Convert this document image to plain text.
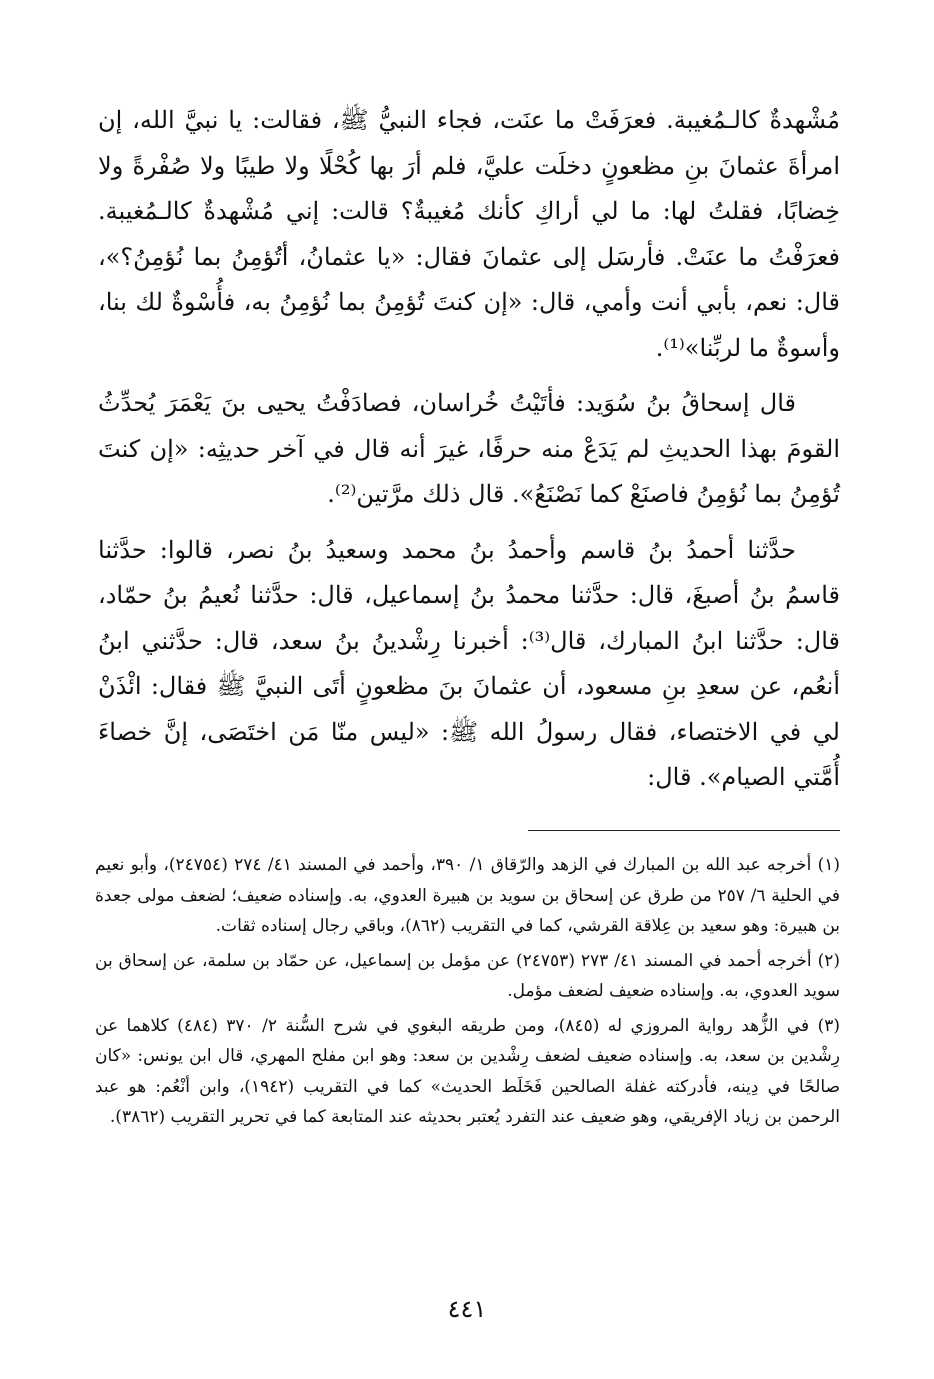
مُشْهدةٌ كالـمُغيبة. فعرَفَتْ ما عنَت، فجاء النبيُّ ﷺ، فقالت: يا نبيَّ الله، إن امرأةَ عثمانَ بنِ مظعونٍ دخلَت عليَّ، فلم أرَ بها كُحْلًا ولا طيبًا ولا صُفْرةً ولا خِضابًا، فقلتُ لها: ما لي أراكِ كأنك مُغيبةٌ؟ قالت: إني مُشْهدةٌ كالـمُغيبة. فعرَفْتُ ما عنَتْ. فأرسَل إلى عثمانَ فقال: «يا عثمانُ، أتُؤمِنُ بما نُؤمِنُ؟»، قال: نعم، بأبي أنت وأمي، قال: «إن كنتَ تُؤمِنُ بما نُؤمِنُ به، فأُسْوةٌ لك بنا، وأسوةٌ ما لربِّنا»⁽¹⁾.

قال إسحاقُ بنُ سُوَيد: فأتَيْتُ خُراسان، فصادَفْتُ يحيى بنَ يَعْمَرَ يُحدِّثُ القومَ بهذا الحديثِ لم يَدَعْ منه حرفًا، غيرَ أنه قال في آخر حديثِه: «إن كنتَ تُؤمِنُ بما نُؤمِنُ فاصنَعْ كما نَصْنَعُ». قال ذلك مرَّتين⁽²⁾.

حدَّثنا أحمدُ بنُ قاسم وأحمدُ بنُ محمد وسعيدُ بنُ نصر، قالوا: حدَّثنا قاسمُ بنُ أصبغَ، قال: حدَّثنا محمدُ بنُ إسماعيل، قال: حدَّثنا نُعيمُ بنُ حمّاد، قال: حدَّثنا ابنُ المبارك، قال⁽³⁾: أخبرنا رِشْدينُ بنُ سعد، قال: حدَّثني ابنُ أنعُم، عن سعدِ بنِ مسعود، أن عثمانَ بنَ مظعونٍ أتَى النبيَّ ﷺ فقال: ائْذَنْ لي في الاختصاء، فقال رسولُ الله ﷺ: «ليس منّا مَن اختَصَى، إنَّ خصاءَ أُمَّتي الصيام». قال:

(١) أخرجه عبد الله بن المبارك في الزهد والرّقاق ١/ ٣٩٠، وأحمد في المسند ٤١/ ٢٧٤ (٢٤٧٥٤)، وأبو نعيم في الحلية ٦/ ٢٥٧ من طرق عن إسحاق بن سويد بن هبيرة العدوي، به. وإسناده ضعيف؛ لضعف مولى جعدة بن هبيرة: وهو سعيد بن عِلاقة القرشي، كما في التقريب (٨٦٢)، وباقي رجال إسناده ثقات.

(٢) أخرجه أحمد في المسند ٤١/ ٢٧٣ (٢٤٧٥٣) عن مؤمل بن إسماعيل، عن حمّاد بن سلمة، عن إسحاق بن سويد العدوي، به. وإسناده ضعيف لضعف مؤمل.

(٣) في الزُّهد رواية المروزي له (٨٤٥)، ومن طريقه البغوي في شرح السُّنة ٢/ ٣٧٠ (٤٨٤) كلاهما عن رِشْدين بن سعد، به. وإسناده ضعيف لضعف رِشْدين بن سعد: وهو ابن مفلح المهري، قال ابن يونس: «كان صالحًا في دِينه، فأدركته غفلة الصالحين فَخَلَط الحديث» كما في التقريب (١٩٤٢)، وابن أنْعُم: هو عبد الرحمن بن زياد الإفريقي، وهو ضعيف عند التفرد يُعتبر بحديثه عند المتابعة كما في تحرير التقريب (٣٨٦٢).

٤٤١
